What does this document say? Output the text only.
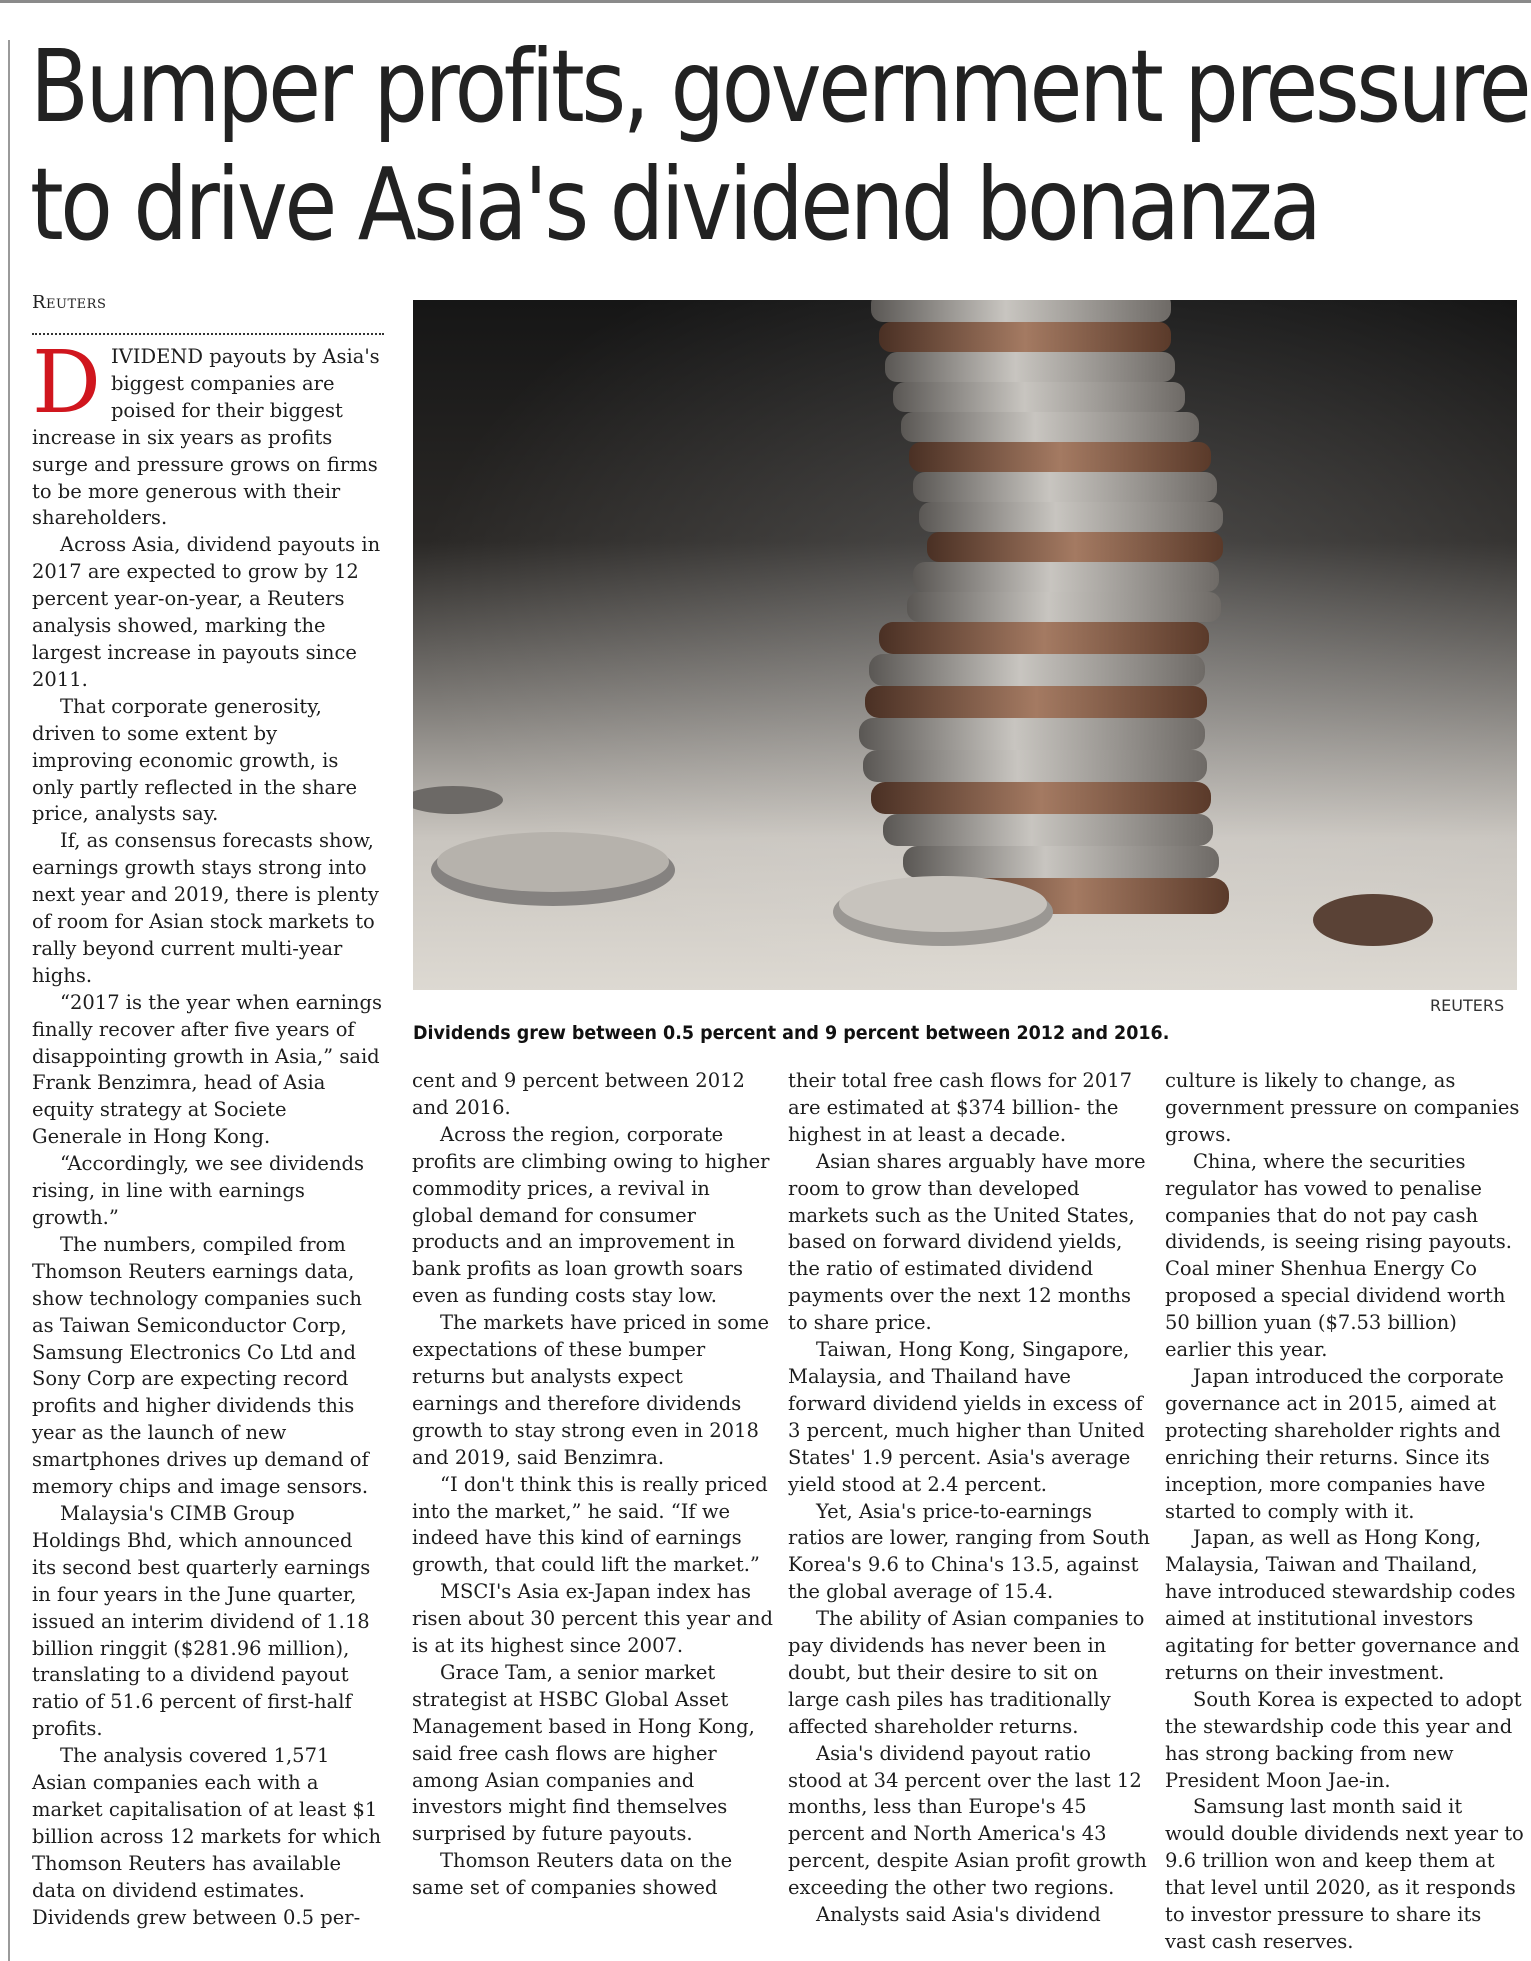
Bumper profits, government pressure
to drive Asia's dividend bonanza
Reuters
REUTERS
Dividends grew between 0.5 percent and 9 percent between 2012 and 2016.

DIVIDEND payouts by Asia's biggest companies are poised for their biggest increase in six years as profits surge and pressure grows on firms to be more generous with their shareholders.

Across Asia, dividend payouts in 2017 are expected to grow by 12 percent year-on-year, a Reuters analysis showed, marking the largest increase in payouts since 2011.

That corporate generosity, driven to some extent by improving economic growth, is only partly reflected in the share price, analysts say.

If, as consensus forecasts show, earnings growth stays strong into next year and 2019, there is plenty of room for Asian stock markets to rally beyond current multi-year highs.

“2017 is the year when earnings finally recover after five years of disappointing growth in Asia,” said Frank Benzimra, head of Asia equity strategy at Societe Generale in Hong Kong.

“Accordingly, we see dividends rising, in line with earnings growth.”

The numbers, compiled from Thomson Reuters earnings data, show technology companies such as Taiwan Semiconductor Corp, Samsung Electronics Co Ltd and Sony Corp are expecting record profits and higher dividends this year as the launch of new smartphones drives up demand of memory chips and image sensors.

Malaysia's CIMB Group Holdings Bhd, which announced its second best quarterly earnings in four years in the June quarter, issued an interim dividend of 1.18 billion ringgit ($281.96 million), translating to a dividend payout ratio of 51.6 percent of first-half profits.

The analysis covered 1,571 Asian companies each with a market capitalisation of at least $1 billion across 12 markets for which Thomson Reuters has available data on dividend estimates. Dividends grew between 0.5 per-

cent and 9 percent between 2012 and 2016.

Across the region, corporate profits are climbing owing to higher commodity prices, a revival in global demand for consumer products and an improvement in bank profits as loan growth soars even as funding costs stay low.

The markets have priced in some expectations of these bumper returns but analysts expect earnings and therefore dividends growth to stay strong even in 2018 and 2019, said Benzimra.

“I don't think this is really priced into the market,” he said. “If we indeed have this kind of earnings growth, that could lift the market.”

MSCI's Asia ex-Japan index has risen about 30 percent this year and is at its highest since 2007.

Grace Tam, a senior market strategist at HSBC Global Asset Management based in Hong Kong, said free cash flows are higher among Asian companies and investors might find themselves surprised by future payouts.

Thomson Reuters data on the same set of companies showed

their total free cash flows for 2017 are estimated at $374 billion- the highest in at least a decade.

Asian shares arguably have more room to grow than developed markets such as the United States, based on forward dividend yields, the ratio of estimated dividend payments over the next 12 months to share price.

Taiwan, Hong Kong, Singapore, Malaysia, and Thailand have forward dividend yields in excess of 3 percent, much higher than United States' 1.9 percent. Asia's average yield stood at 2.4 percent.

Yet, Asia's price-to-earnings ratios are lower, ranging from South Korea's 9.6 to China's 13.5, against the global average of 15.4.

The ability of Asian companies to pay dividends has never been in doubt, but their desire to sit on large cash piles has traditionally affected shareholder returns.

Asia's dividend payout ratio stood at 34 percent over the last 12 months, less than Europe's 45 percent and North America's 43 percent, despite Asian profit growth exceeding the other two regions.

Analysts said Asia's dividend

culture is likely to change, as government pressure on companies grows.

China, where the securities regulator has vowed to penalise companies that do not pay cash dividends, is seeing rising payouts. Coal miner Shenhua Energy Co proposed a special dividend worth 50 billion yuan ($7.53 billion) earlier this year.

Japan introduced the corporate governance act in 2015, aimed at protecting shareholder rights and enriching their returns. Since its inception, more companies have started to comply with it.

Japan, as well as Hong Kong, Malaysia, Taiwan and Thailand, have introduced stewardship codes aimed at institutional investors agitating for better governance and returns on their investment.

South Korea is expected to adopt the stewardship code this year and has strong backing from new President Moon Jae-in.

Samsung last month said it would double dividends next year to 9.6 trillion won and keep them at that level until 2020, as it responds to investor pressure to share its vast cash reserves.
